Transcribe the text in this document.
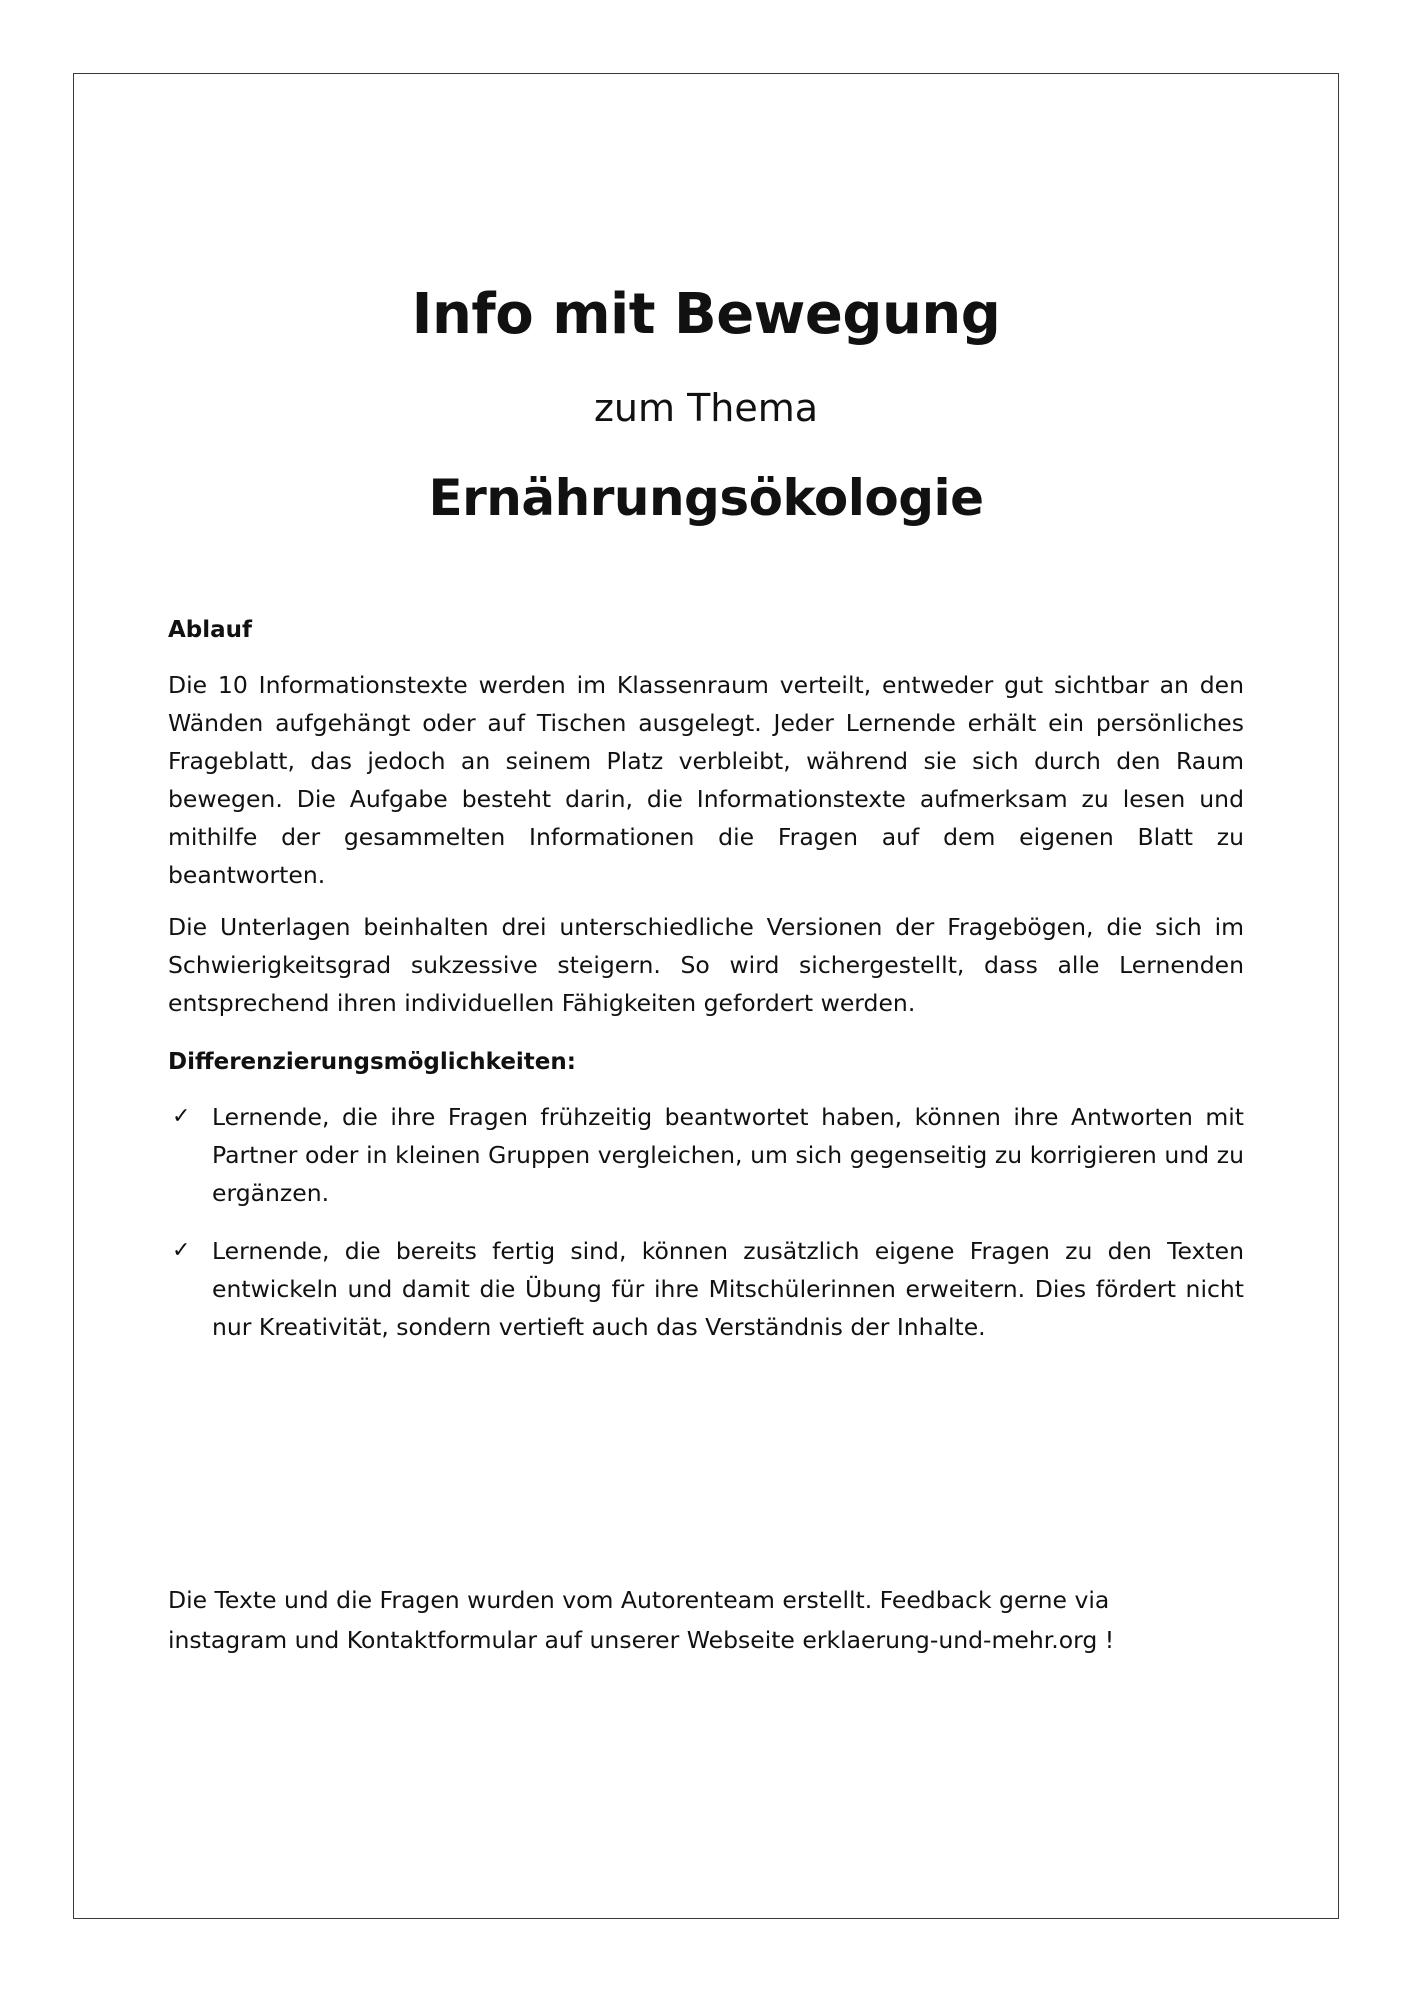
Info mit Bewegung

zum Thema

Ernährungsökologie

Ablauf

Die 10 Informationstexte werden im Klassenraum verteilt, entweder gut sichtbar an den Wänden aufgehängt oder auf Tischen ausgelegt. Jeder Lernende erhält ein persönliches Frageblatt, das jedoch an seinem Platz verbleibt, während sie sich durch den Raum bewegen. Die Aufgabe besteht darin, die Informationstexte aufmerksam zu lesen und mithilfe der gesammelten Informationen die Fragen auf dem eigenen Blatt zu beantworten.

Die Unterlagen beinhalten drei unterschiedliche Versionen der Fragebögen, die sich im Schwierigkeitsgrad sukzessive steigern. So wird sichergestellt, dass alle Lernenden entsprechend ihren individuellen Fähigkeiten gefordert werden.

Differenzierungsmöglichkeiten:

✓ Lernende, die ihre Fragen frühzeitig beantwortet haben, können ihre Antworten mit Partner oder in kleinen Gruppen vergleichen, um sich gegenseitig zu korrigieren und zu ergänzen.
✓ Lernende, die bereits fertig sind, können zusätzlich eigene Fragen zu den Texten entwickeln und damit die Übung für ihre Mitschülerinnen erweitern. Dies fördert nicht nur Kreativität, sondern vertieft auch das Verständnis der Inhalte.
Die Texte und die Fragen wurden vom Autorenteam erstellt. Feedback gerne via
instagram und Kontaktformular auf unserer Webseite erklaerung-und-mehr.org !
